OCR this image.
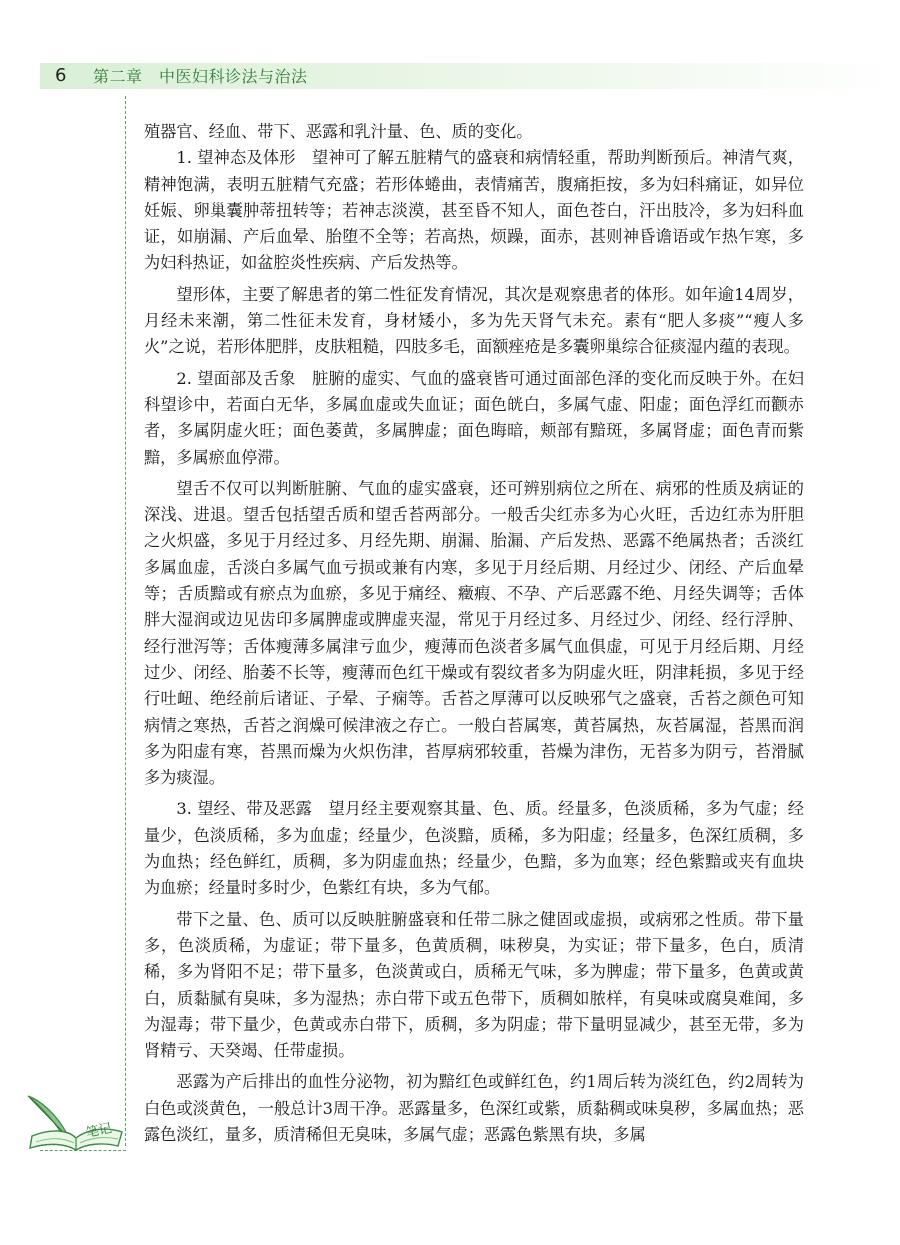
6 第二章　中医妇科诊法与治法
笔记

殖器官、经血、带下、恶露和乳汁量、色、质的变化。

1. 望神态及体形　望神可了解五脏精气的盛衰和病情轻重，帮助判断预后。神清气爽，精神饱满，表明五脏精气充盛；若形体蜷曲，表情痛苦，腹痛拒按，多为妇科痛证，如异位妊娠、卵巢囊肿蒂扭转等；若神志淡漠，甚至昏不知人，面色苍白，汗出肢冷，多为妇科血证，如崩漏、产后血晕、胎堕不全等；若高热，烦躁，面赤，甚则神昏谵语或乍热乍寒，多为妇科热证，如盆腔炎性疾病、产后发热等。

望形体，主要了解患者的第二性征发育情况，其次是观察患者的体形。如年逾14周岁，月经未来潮，第二性征未发育，身材矮小，多为先天肾气未充。素有“肥人多痰”“瘦人多火”之说，若形体肥胖，皮肤粗糙，四肢多毛，面额痤疮是多囊卵巢综合征痰湿内蕴的表现。

2. 望面部及舌象　脏腑的虚实、气血的盛衰皆可通过面部色泽的变化而反映于外。在妇科望诊中，若面白无华，多属血虚或失血证；面色㿠白，多属气虚、阳虚；面色浮红而颧赤者，多属阴虚火旺；面色萎黄，多属脾虚；面色晦暗，颊部有黯斑，多属肾虚；面色青而紫黯，多属瘀血停滞。

望舌不仅可以判断脏腑、气血的虚实盛衰，还可辨别病位之所在、病邪的性质及病证的深浅、进退。望舌包括望舌质和望舌苔两部分。一般舌尖红赤多为心火旺，舌边红赤为肝胆之火炽盛，多见于月经过多、月经先期、崩漏、胎漏、产后发热、恶露不绝属热者；舌淡红多属血虚，舌淡白多属气血亏损或兼有内寒，多见于月经后期、月经过少、闭经、产后血晕等；舌质黯或有瘀点为血瘀，多见于痛经、癥瘕、不孕、产后恶露不绝、月经失调等；舌体胖大湿润或边见齿印多属脾虚或脾虚夹湿，常见于月经过多、月经过少、闭经、经行浮肿、经行泄泻等；舌体瘦薄多属津亏血少，瘦薄而色淡者多属气血俱虚，可见于月经后期、月经过少、闭经、胎萎不长等，瘦薄而色红干燥或有裂纹者多为阴虚火旺，阴津耗损，多见于经行吐衄、绝经前后诸证、子晕、子痫等。舌苔之厚薄可以反映邪气之盛衰，舌苔之颜色可知病情之寒热，舌苔之润燥可候津液之存亡。一般白苔属寒，黄苔属热，灰苔属湿，苔黑而润多为阳虚有寒，苔黑而燥为火炽伤津，苔厚病邪较重，苔燥为津伤，无苔多为阴亏，苔滑腻多为痰湿。

3. 望经、带及恶露　望月经主要观察其量、色、质。经量多，色淡质稀，多为气虚；经量少，色淡质稀，多为血虚；经量少，色淡黯，质稀，多为阳虚；经量多，色深红质稠，多为血热；经色鲜红，质稠，多为阴虚血热；经量少，色黯，多为血寒；经色紫黯或夹有血块为血瘀；经量时多时少，色紫红有块，多为气郁。

带下之量、色、质可以反映脏腑盛衰和任带二脉之健固或虚损，或病邪之性质。带下量多，色淡质稀，为虚证；带下量多，色黄质稠，味秽臭，为实证；带下量多，色白，质清稀，多为肾阳不足；带下量多，色淡黄或白，质稀无气味，多为脾虚；带下量多，色黄或黄白，质黏腻有臭味，多为湿热；赤白带下或五色带下，质稠如脓样，有臭味或腐臭难闻，多为湿毒；带下量少，色黄或赤白带下，质稠，多为阴虚；带下量明显减少，甚至无带，多为肾精亏、天癸竭、任带虚损。

恶露为产后排出的血性分泌物，初为黯红色或鲜红色，约1周后转为淡红色，约2周转为白色或淡黄色，一般总计3周干净。恶露量多，色深红或紫，质黏稠或味臭秽，多属血热；恶露色淡红，量多，质清稀但无臭味，多属气虚；恶露色紫黑有块，多属
